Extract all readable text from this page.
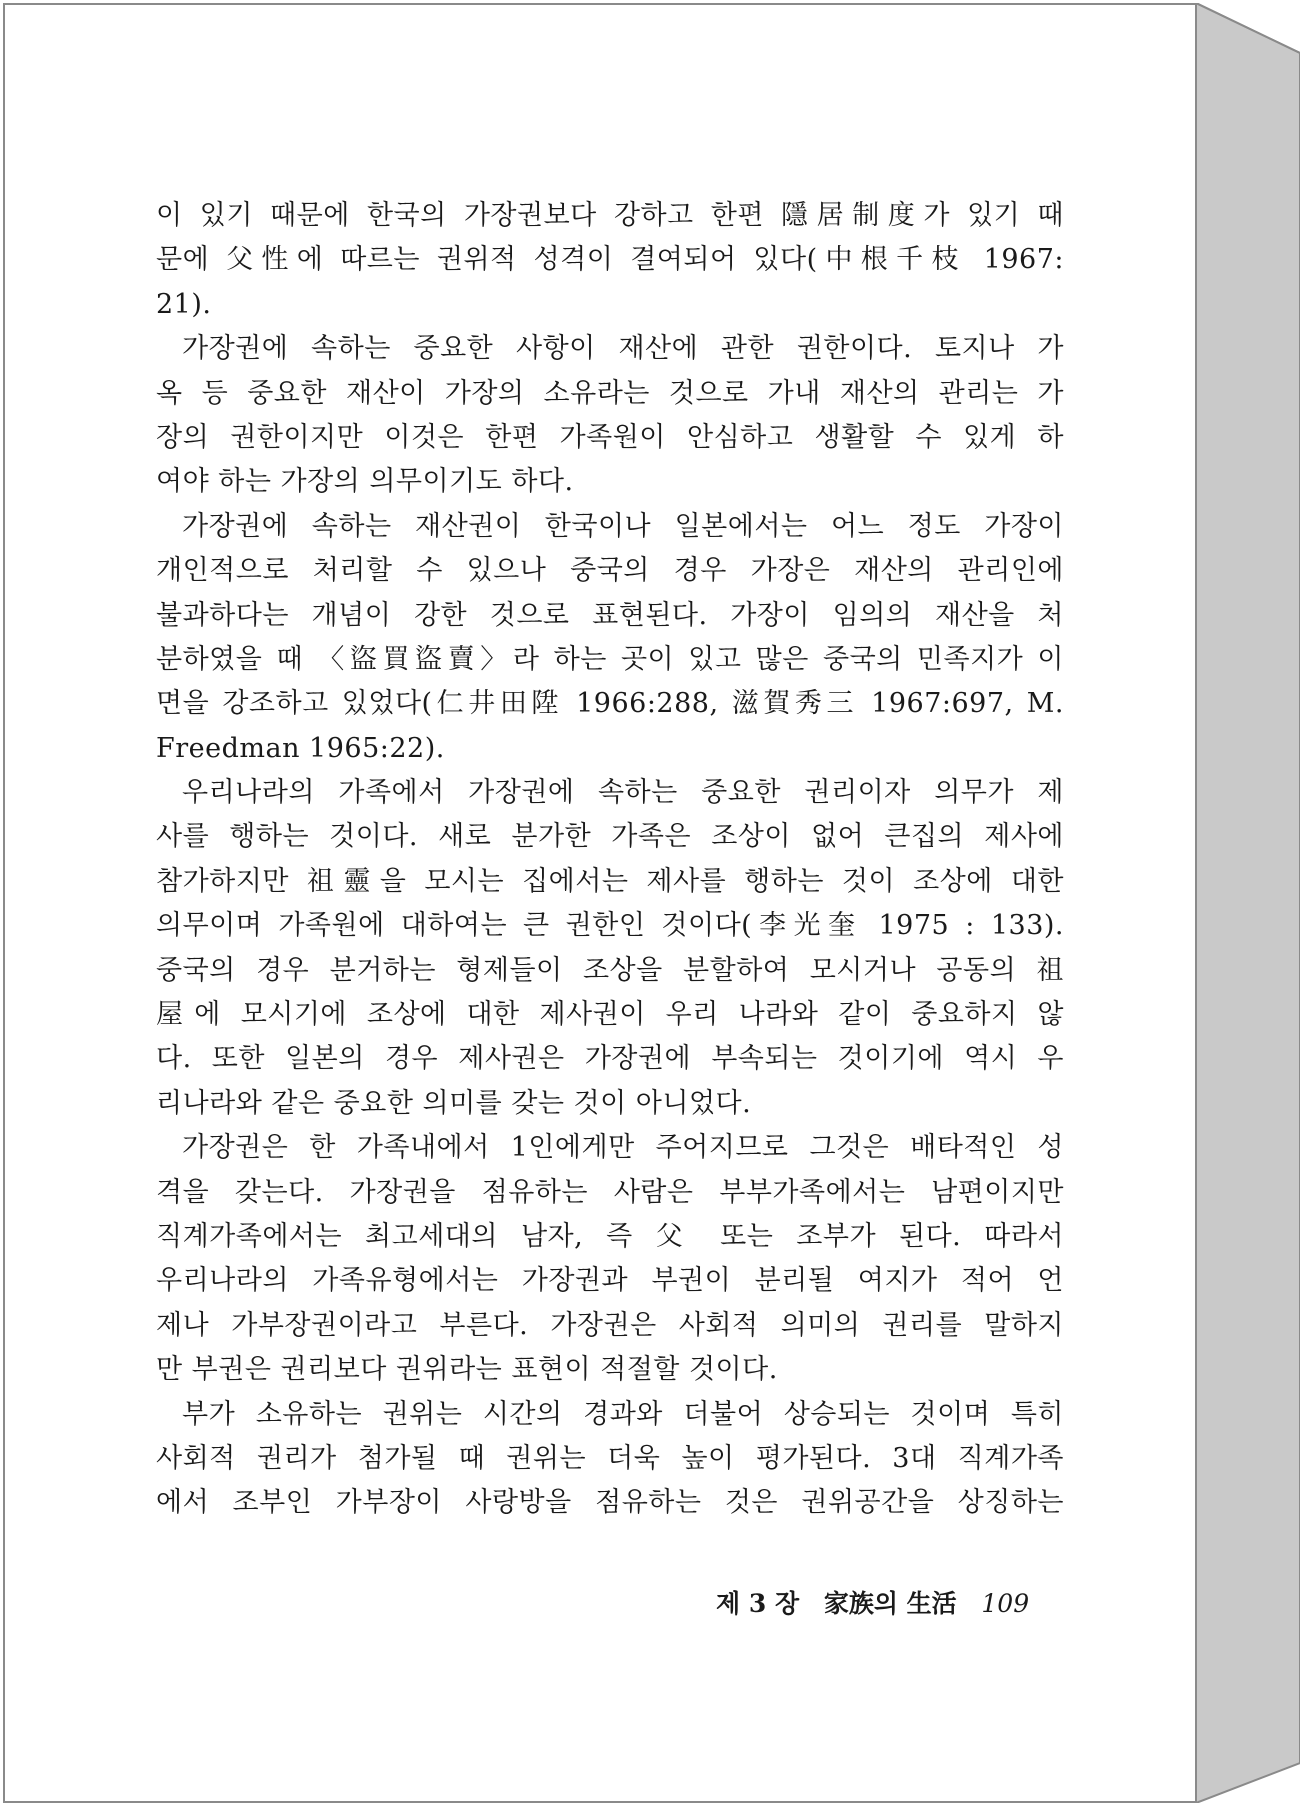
이 있기 때문에 한국의 가장권보다 강하고 한편 隱居制度가 있기 때
문에 父性에 따르는 권위적 성격이 결여되어 있다(中根千枝 1967:
21).
가장권에 속하는 중요한 사항이 재산에 관한 권한이다. 토지나 가
옥 등 중요한 재산이 가장의 소유라는 것으로 가내 재산의 관리는 가
장의 권한이지만 이것은 한편 가족원이 안심하고 생활할 수 있게 하
여야 하는 가장의 의무이기도 하다.
가장권에 속하는 재산권이 한국이나 일본에서는 어느 정도 가장이
개인적으로 처리할 수 있으나 중국의 경우 가장은 재산의 관리인에
불과하다는 개념이 강한 것으로 표현된다. 가장이 임의의 재산을 처
분하였을 때 〈盜買盜賣〉라 하는 곳이 있고 많은 중국의 민족지가 이
면을 강조하고 있었다(仁井田陞 1966:288, 滋賀秀三 1967:697, M.
Freedman 1965:22).
우리나라의 가족에서 가장권에 속하는 중요한 권리이자 의무가 제
사를 행하는 것이다. 새로 분가한 가족은 조상이 없어 큰집의 제사에
참가하지만 祖靈을 모시는 집에서는 제사를 행하는 것이 조상에 대한
의무이며 가족원에 대하여는 큰 권한인 것이다(李光奎 1975 : 133).
중국의 경우 분거하는 형제들이 조상을 분할하여 모시거나 공동의 祖
屋에 모시기에 조상에 대한 제사권이 우리 나라와 같이 중요하지 않
다. 또한 일본의 경우 제사권은 가장권에 부속되는 것이기에 역시 우
리나라와 같은 중요한 의미를 갖는 것이 아니었다.
가장권은 한 가족내에서 1인에게만 주어지므로 그것은 배타적인 성
격을 갖는다. 가장권을 점유하는 사람은 부부가족에서는 남편이지만
직계가족에서는 최고세대의 남자, 즉 父 또는 조부가 된다. 따라서
우리나라의 가족유형에서는 가장권과 부권이 분리될 여지가 적어 언
제나 가부장권이라고 부른다. 가장권은 사회적 의미의 권리를 말하지
만 부권은 권리보다 권위라는 표현이 적절할 것이다.
부가 소유하는 권위는 시간의 경과와 더불어 상승되는 것이며 특히
사회적 권리가 첨가될 때 권위는 더욱 높이 평가된다. 3대 직계가족
에서 조부인 가부장이 사랑방을 점유하는 것은 권위공간을 상징하는
제 3 장 家族의 生活 109
